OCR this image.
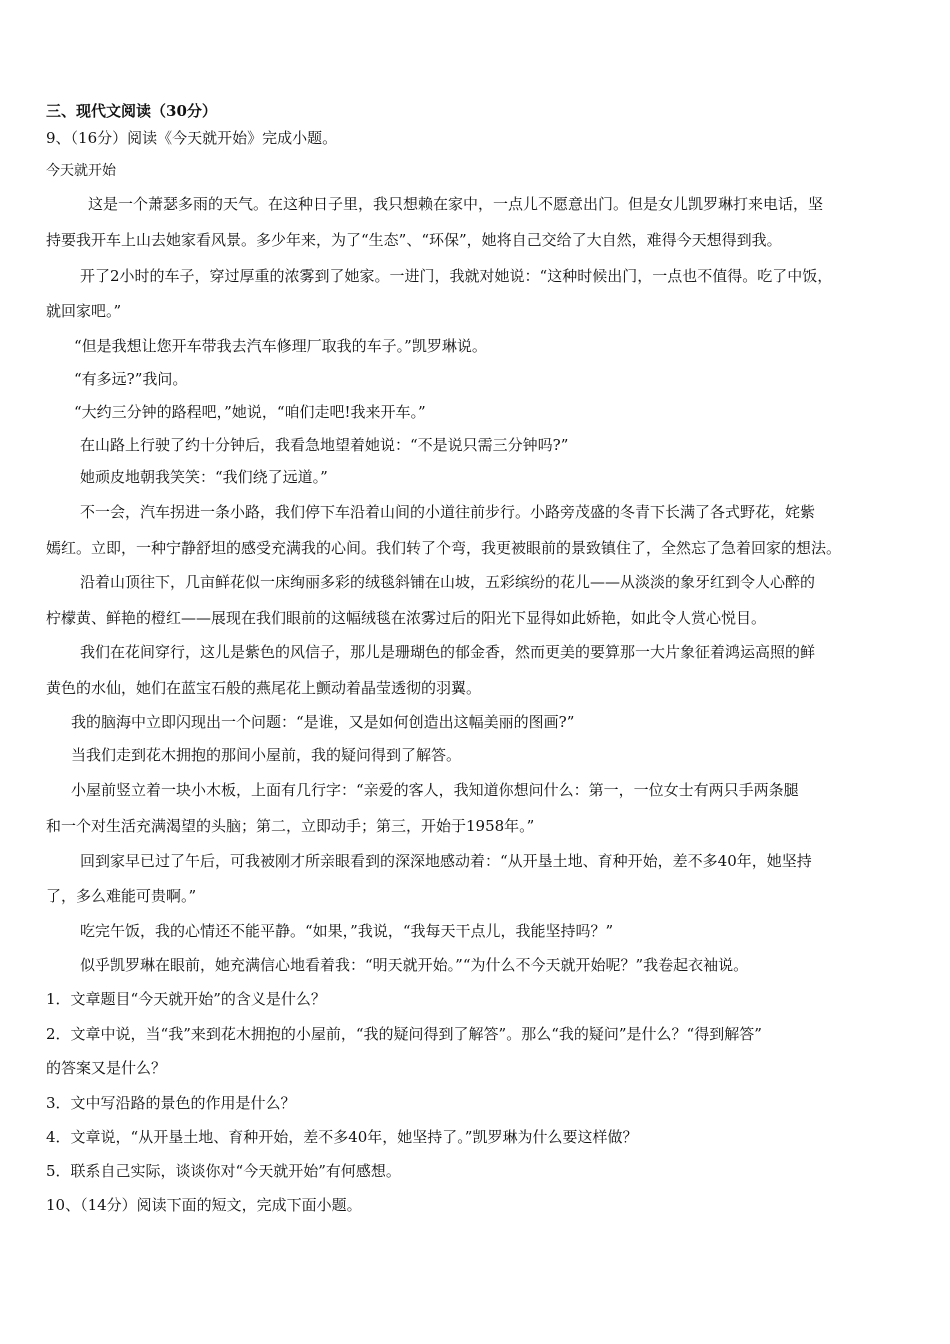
三、现代文阅读（30分）
9、（16分）阅读《今天就开始》完成小题。
今天就开始
这是一个萧瑟多雨的天气。在这种日子里，我只想赖在家中，一点儿不愿意出门。但是女儿凯罗琳打来电话，坚
持要我开车上山去她家看风景。多少年来，为了“生态”、“环保”，她将自己交给了大自然，难得今天想得到我。
开了2小时的车子，穿过厚重的浓雾到了她家。一进门，我就对她说：“这种时候出门，一点也不值得。吃了中饭，
就回家吧。”
“但是我想让您开车带我去汽车修理厂取我的车子。”凯罗琳说。
“有多远?”我问。
“大约三分钟的路程吧，”她说，“咱们走吧!我来开车。”
在山路上行驶了约十分钟后，我看急地望着她说：“不是说只需三分钟吗?”
她顽皮地朝我笑笑：“我们绕了远道。”
不一会，汽车拐进一条小路，我们停下车沿着山间的小道往前步行。小路旁茂盛的冬青下长满了各式野花，姹紫
嫣红。立即，一种宁静舒坦的感受充满我的心间。我们转了个弯，我更被眼前的景致镇住了，全然忘了急着回家的想法。
沿着山顶往下，几亩鲜花似一床绚丽多彩的绒毯斜铺在山坡，五彩缤纷的花儿——从淡淡的象牙红到令人心醉的
柠檬黄、鲜艳的橙红——展现在我们眼前的这幅绒毯在浓雾过后的阳光下显得如此娇艳，如此令人赏心悦目。
我们在花间穿行，这儿是紫色的风信子，那儿是珊瑚色的郁金香，然而更美的要算那一大片象征着鸿运高照的鲜
黄色的水仙，她们在蓝宝石般的燕尾花上颤动着晶莹透彻的羽翼。
我的脑海中立即闪现出一个问题：“是谁，又是如何创造出这幅美丽的图画?”
当我们走到花木拥抱的那间小屋前，我的疑问得到了解答。
小屋前竖立着一块小木板，上面有几行字：“亲爱的客人，我知道你想问什么：第一，一位女士有两只手两条腿
和一个对生活充满渴望的头脑；第二，立即动手；第三，开始于1958年。”
回到家早已过了午后，可我被刚才所亲眼看到的深深地感动着：“从开垦土地、育种开始，差不多40年，她坚持
了，多么难能可贵啊。”
吃完午饭，我的心情还不能平静。“如果，”我说，“我每天干点儿，我能坚持吗？”
似乎凯罗琳在眼前，她充满信心地看着我：“明天就开始。”“为什么不今天就开始呢？”我卷起衣袖说。
1．文章题目“今天就开始”的含义是什么？
2．文章中说，当“我”来到花木拥抱的小屋前，“我的疑问得到了解答”。那么“我的疑问”是什么？“得到解答”
的答案又是什么？
3．文中写沿路的景色的作用是什么？
4．文章说，“从开垦土地、育种开始，差不多40年，她坚持了。”凯罗琳为什么要这样做？
5．联系自己实际，谈谈你对“今天就开始”有何感想。
10、（14分）阅读下面的短文，完成下面小题。
